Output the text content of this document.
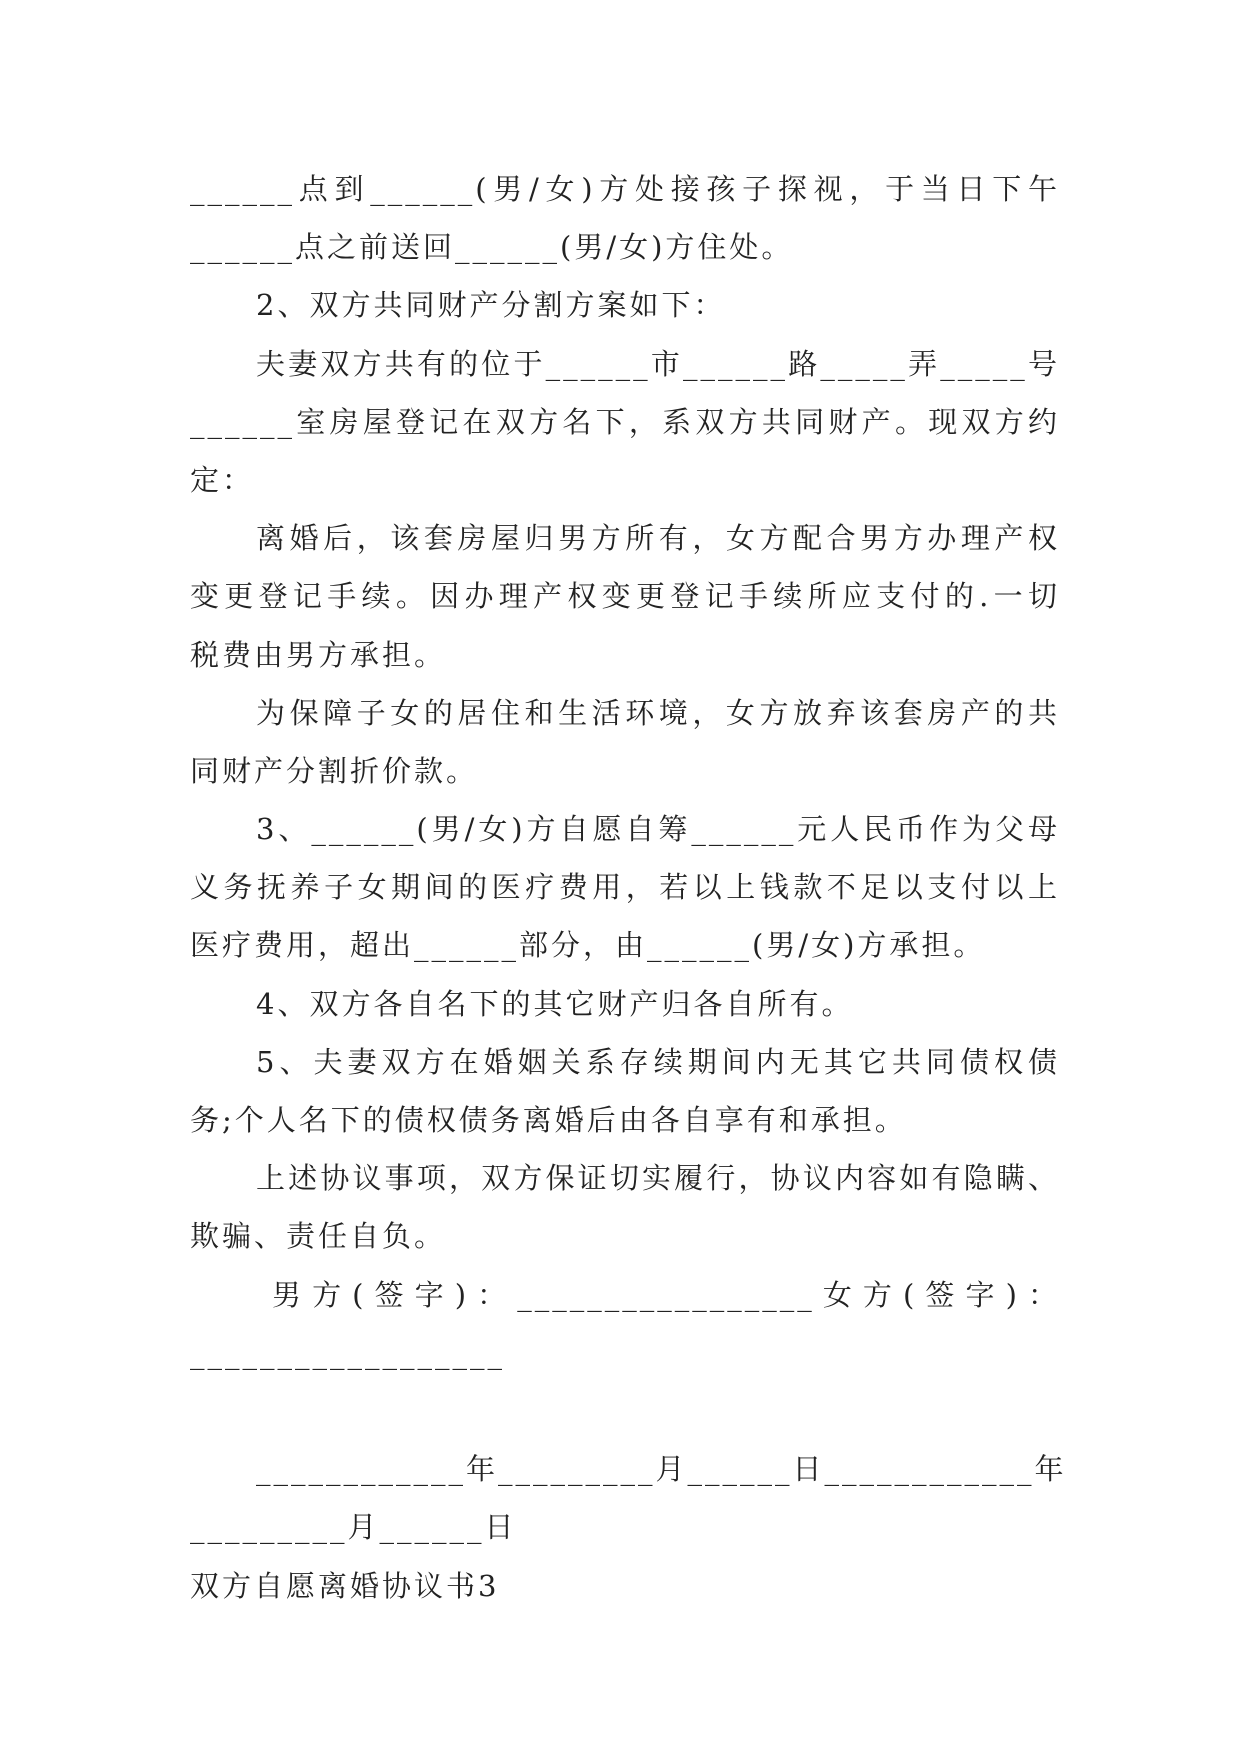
______点到______(男/女)方处接孩子探视，于当日下午
______点之前送回______(男/女)方住处。
2、双方共同财产分割方案如下：
夫妻双方共有的位于______市______路_____弄_____号
______室房屋登记在双方名下，系双方共同财产。现双方约
定：
离婚后，该套房屋归男方所有，女方配合男方办理产权
变更登记手续。因办理产权变更登记手续所应支付的.一切
税费由男方承担。
为保障子女的居住和生活环境，女方放弃该套房产的共
同财产分割折价款。
3、______(男/女)方自愿自筹______元人民币作为父母
义务抚养子女期间的医疗费用，若以上钱款不足以支付以上
医疗费用，超出______部分，由______(男/女)方承担。
4、双方各自名下的其它财产归各自所有。
5、夫妻双方在婚姻关系存续期间内无其它共同债权债
务;个人名下的债权债务离婚后由各自享有和承担。
上述协议事项，双方保证切实履行，协议内容如有隐瞒、
欺骗、责任自负。
男方(签字)：_________________女方(签字)：
__________________
____________年_________月______日____________年
_________月______日
双方自愿离婚协议书3
